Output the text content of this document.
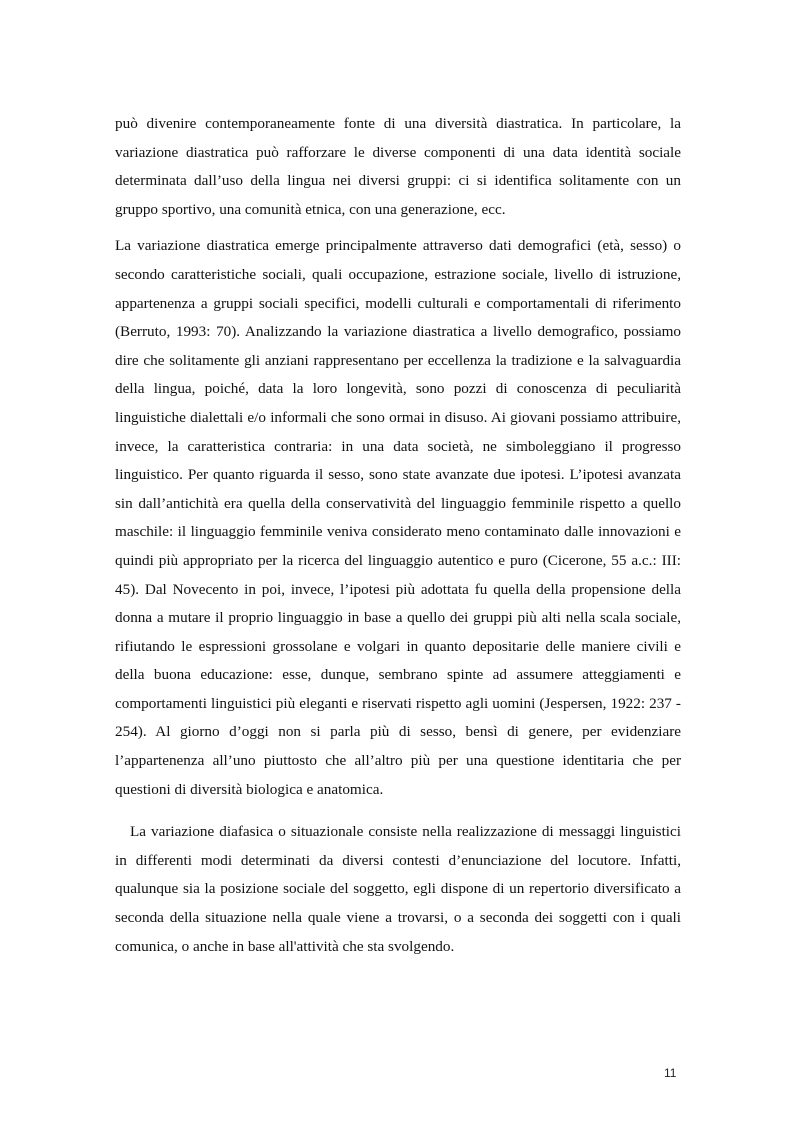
può divenire contemporaneamente fonte di una diversità diastratica. In particolare, la variazione diastratica può rafforzare le diverse componenti di una data identità sociale determinata dall’uso della lingua nei diversi gruppi: ci si identifica solitamente con un gruppo sportivo, una comunità etnica, con una generazione, ecc.

La variazione diastratica emerge principalmente attraverso dati demografici (età, sesso) o secondo caratteristiche sociali, quali occupazione, estrazione sociale, livello di istruzione, appartenenza a gruppi sociali specifici, modelli culturali e comportamentali di riferimento (Berruto, 1993: 70). Analizzando la variazione diastratica a livello demografico, possiamo dire che solitamente gli anziani rappresentano per eccellenza la tradizione e la salvaguardia della lingua, poiché, data la loro longevità, sono pozzi di conoscenza di peculiarità linguistiche dialettali e/o informali che sono ormai in disuso. Ai giovani possiamo attribuire, invece, la caratteristica contraria: in una data società, ne simboleggiano il progresso linguistico. Per quanto riguarda il sesso, sono state avanzate due ipotesi. L’ipotesi avanzata sin dall’antichità era quella della conservatività del linguaggio femminile rispetto a quello maschile: il linguaggio femminile veniva considerato meno contaminato dalle innovazioni e quindi più appropriato per la ricerca del linguaggio autentico e puro (Cicerone, 55 a.c.: III: 45). Dal Novecento in poi, invece, l’ipotesi più adottata fu quella della propensione della donna a mutare il proprio linguaggio in base a quello dei gruppi più alti nella scala sociale, rifiutando le espressioni grossolane e volgari in quanto depositarie delle maniere civili e della buona educazione: esse, dunque, sembrano spinte ad assumere atteggiamenti e comportamenti linguistici più eleganti e riservati rispetto agli uomini (Jespersen, 1922: 237 - 254). Al giorno d’oggi non si parla più di sesso, bensì di genere, per evidenziare l’appartenenza all’uno piuttosto che all’altro più per una questione identitaria che per questioni di diversità biologica e anatomica.

La variazione diafasica o situazionale consiste nella realizzazione di messaggi linguistici in differenti modi determinati da diversi contesti d’enunciazione del locutore. Infatti, qualunque sia la posizione sociale del soggetto, egli dispone di un repertorio diversificato a seconda della situazione nella quale viene a trovarsi, o a seconda dei soggetti con i quali comunica, o anche in base all'attività che sta svolgendo.

11
